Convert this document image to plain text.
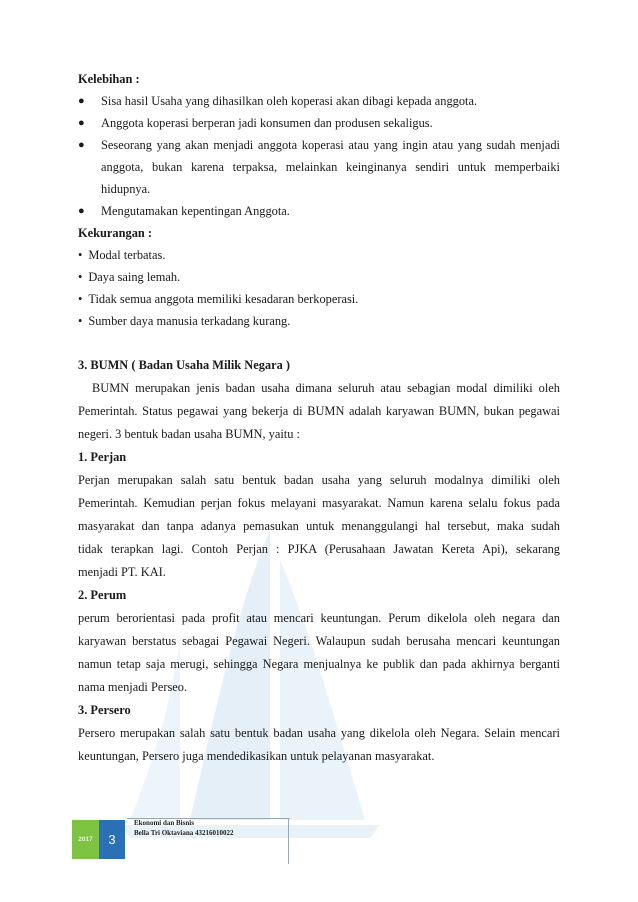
Kelebihan :
● Sisa hasil Usaha yang dihasilkan oleh koperasi akan dibagi kepada anggota.
● Anggota koperasi berperan jadi konsumen dan produsen sekaligus.
● Seseorang yang akan menjadi anggota koperasi atau yang ingin atau yang sudah menjadi
anggota, bukan karena terpaksa, melainkan keinginanya sendiri untuk memperbaiki
hidupnya.
● Mengutamakan kepentingan Anggota.
Kekurangan :
• Modal terbatas.
• Daya saing lemah.
• Tidak semua anggota memiliki kesadaran berkoperasi.
• Sumber daya manusia terkadang kurang.
3. BUMN ( Badan Usaha Milik Negara )
BUMN merupakan jenis badan usaha dimana seluruh atau sebagian modal dimiliki oleh
Pemerintah. Status pegawai yang bekerja di BUMN adalah karyawan BUMN, bukan pegawai
negeri. 3 bentuk badan usaha BUMN, yaitu :
1. Perjan
Perjan merupakan salah satu bentuk badan usaha yang seluruh modalnya dimiliki oleh
Pemerintah. Kemudian perjan fokus melayani masyarakat. Namun karena selalu fokus pada
masyarakat dan tanpa adanya pemasukan untuk menanggulangi hal tersebut, maka sudah
tidak terapkan lagi. Contoh Perjan : PJKA (Perusahaan Jawatan Kereta Api), sekarang
menjadi PT. KAI.
2. Perum
perum berorientasi pada profit atau mencari keuntungan. Perum dikelola oleh negara dan
karyawan berstatus sebagai Pegawai Negeri. Walaupun sudah berusaha mencari keuntungan
namun tetap saja merugi, sehingga Negara menjualnya ke publik dan pada akhirnya berganti
nama menjadi Perseo.
3. Persero
Persero merupakan salah satu bentuk badan usaha yang dikelola oleh Negara. Selain mencari
keuntungan, Persero juga mendedikasikan untuk pelayanan masyarakat.
2017	3
Ekonomi dan Bisnis
Bella Tri Oktaviana 43216010022
